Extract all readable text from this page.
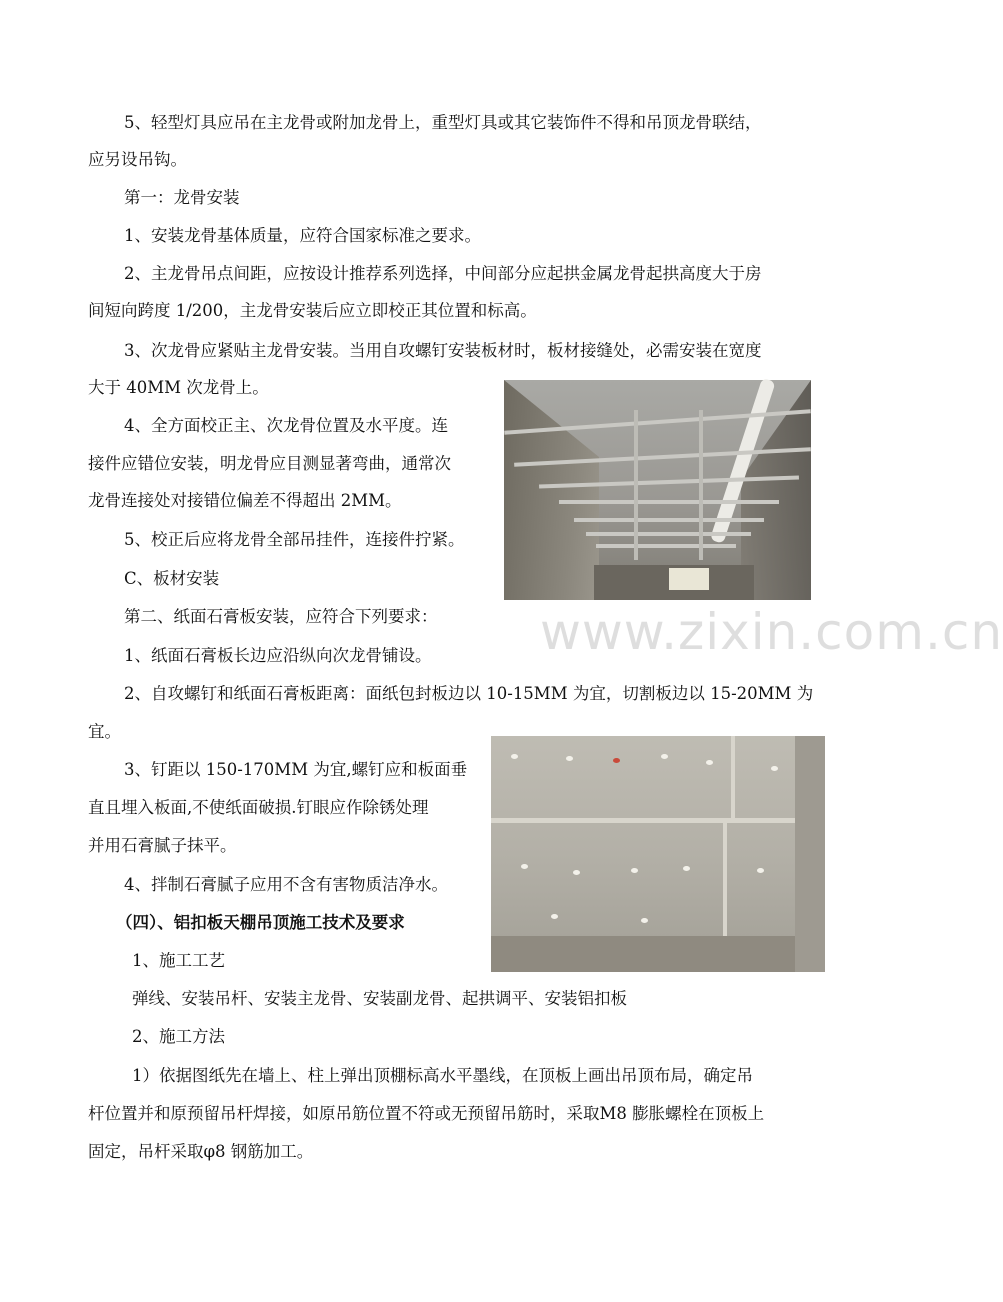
5、轻型灯具应吊在主龙骨或附加龙骨上，重型灯具或其它装饰件不得和吊顶龙骨联结，
应另设吊钩。
第一：龙骨安装
1、安装龙骨基体质量，应符合国家标准之要求。
2、主龙骨吊点间距，应按设计推荐系列选择，中间部分应起拱金属龙骨起拱高度大于房
间短向跨度 1/200，主龙骨安装后应立即校正其位置和标高。
3、次龙骨应紧贴主龙骨安装。当用自攻螺钉安装板材时，板材接缝处，必需安装在宽度
大于 40MM 次龙骨上。
4、全方面校正主、次龙骨位置及水平度。连
接件应错位安装，明龙骨应目测显著弯曲，通常次
龙骨连接处对接错位偏差不得超出 2MM。
5、校正后应将龙骨全部吊挂件，连接件拧紧。
C、板材安装
第二、纸面石膏板安装，应符合下列要求：
1、纸面石膏板长边应沿纵向次龙骨铺设。
2、自攻螺钉和纸面石膏板距离：面纸包封板边以 10-15MM 为宜，切割板边以 15-20MM 为
宜。
3、钉距以 150-170MM 为宜,螺钉应和板面垂
直且埋入板面,不使纸面破损.钉眼应作除锈处理
并用石膏腻子抹平。
4、拌制石膏腻子应用不含有害物质洁净水。
（四）、铝扣板天棚吊顶施工技术及要求
1、施工工艺
弹线、安装吊杆、安装主龙骨、安装副龙骨、起拱调平、安装铝扣板
2、施工方法
1）依据图纸先在墙上、柱上弹出顶棚标高水平墨线，在顶板上画出吊顶布局，确定吊
杆位置并和原预留吊杆焊接，如原吊筋位置不符或无预留吊筋时，采取M8 膨胀螺栓在顶板上
固定，吊杆采取φ8 钢筋加工。
www.zixin.com.cn
